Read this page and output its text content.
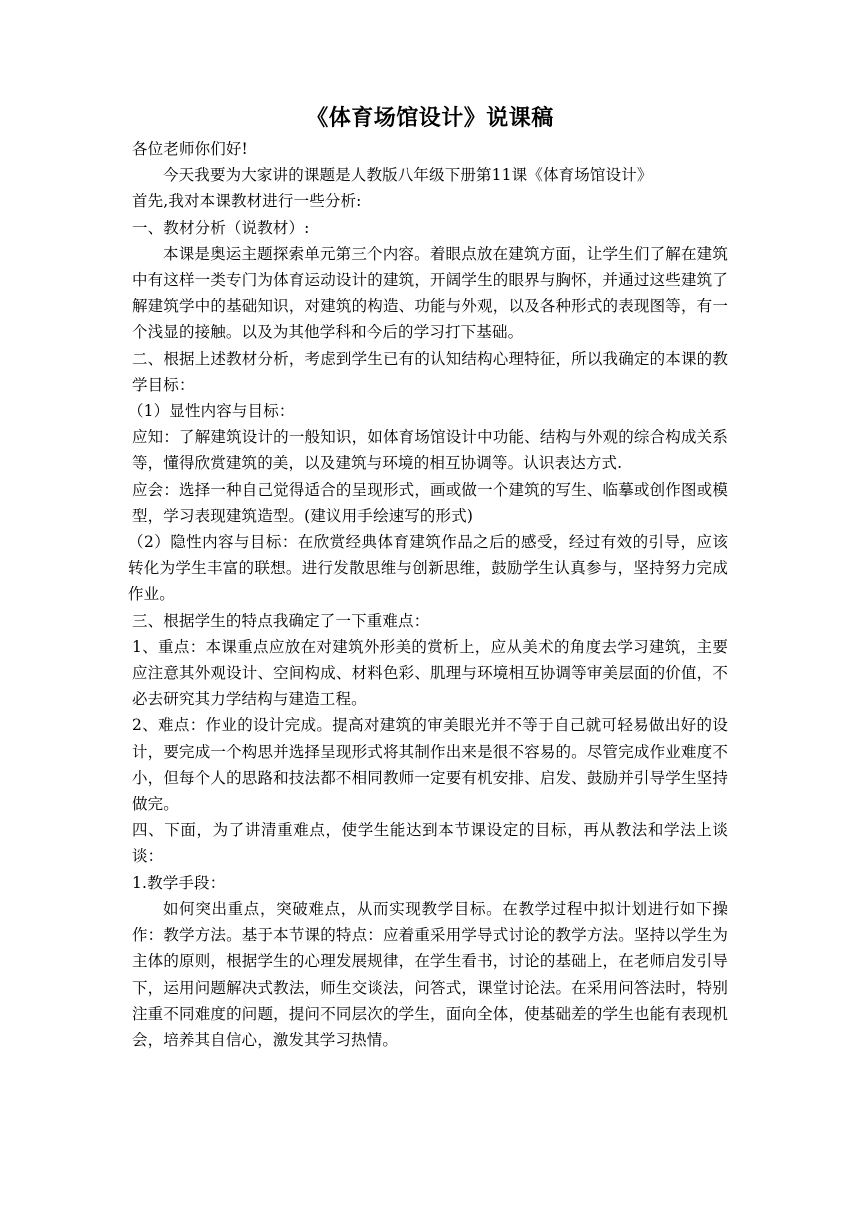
《体育场馆设计》说课稿

各位老师你们好!

今天我要为大家讲的课题是人教版八年级下册第11课《体育场馆设计》

首先,我对本课教材进行一些分析:

一、教材分析（说教材）:

本课是奥运主题探索单元第三个内容。着眼点放在建筑方面，让学生们了解在建筑中有这样一类专门为体育运动设计的建筑，开阔学生的眼界与胸怀，并通过这些建筑了解建筑学中的基础知识，对建筑的构造、功能与外观，以及各种形式的表现图等，有一个浅显的接触。以及为其他学科和今后的学习打下基础。

二、根据上述教材分析，考虑到学生已有的认知结构心理特征，所以我确定的本课的教学目标：

（1）显性内容与目标：

应知：了解建筑设计的一般知识，如体育场馆设计中功能、结构与外观的综合构成关系等，懂得欣赏建筑的美，以及建筑与环境的相互协调等。认识表达方式.

应会：选择一种自己觉得适合的呈现形式，画或做一个建筑的写生、临摹或创作图或模型，学习表现建筑造型。(建议用手绘速写的形式)

（2）隐性内容与目标：在欣赏经典体育建筑作品之后的感受，经过有效的引导，应该转化为学生丰富的联想。进行发散思维与创新思维，鼓励学生认真参与，坚持努力完成作业。

三、根据学生的特点我确定了一下重难点：

1、重点：本课重点应放在对建筑外形美的赏析上，应从美术的角度去学习建筑，主要应注意其外观设计、空间构成、材料色彩、肌理与环境相互协调等审美层面的价值，不必去研究其力学结构与建造工程。

2、难点：作业的设计完成。提高对建筑的审美眼光并不等于自己就可轻易做出好的设计，要完成一个构思并选择呈现形式将其制作出来是很不容易的。尽管完成作业难度不小，但每个人的思路和技法都不相同教师一定要有机安排、启发、鼓励并引导学生坚持做完。

四、下面，为了讲清重难点，使学生能达到本节课设定的目标，再从教法和学法上谈谈：

1.教学手段：

如何突出重点，突破难点，从而实现教学目标。在教学过程中拟计划进行如下操作：教学方法。基于本节课的特点：应着重采用学导式讨论的教学方法。坚持以学生为主体的原则，根据学生的心理发展规律，在学生看书，讨论的基础上，在老师启发引导下，运用问题解决式教法，师生交谈法，问答式，课堂讨论法。在采用问答法时，特别注重不同难度的问题，提问不同层次的学生，面向全体，使基础差的学生也能有表现机会，培养其自信心，激发其学习热情。
